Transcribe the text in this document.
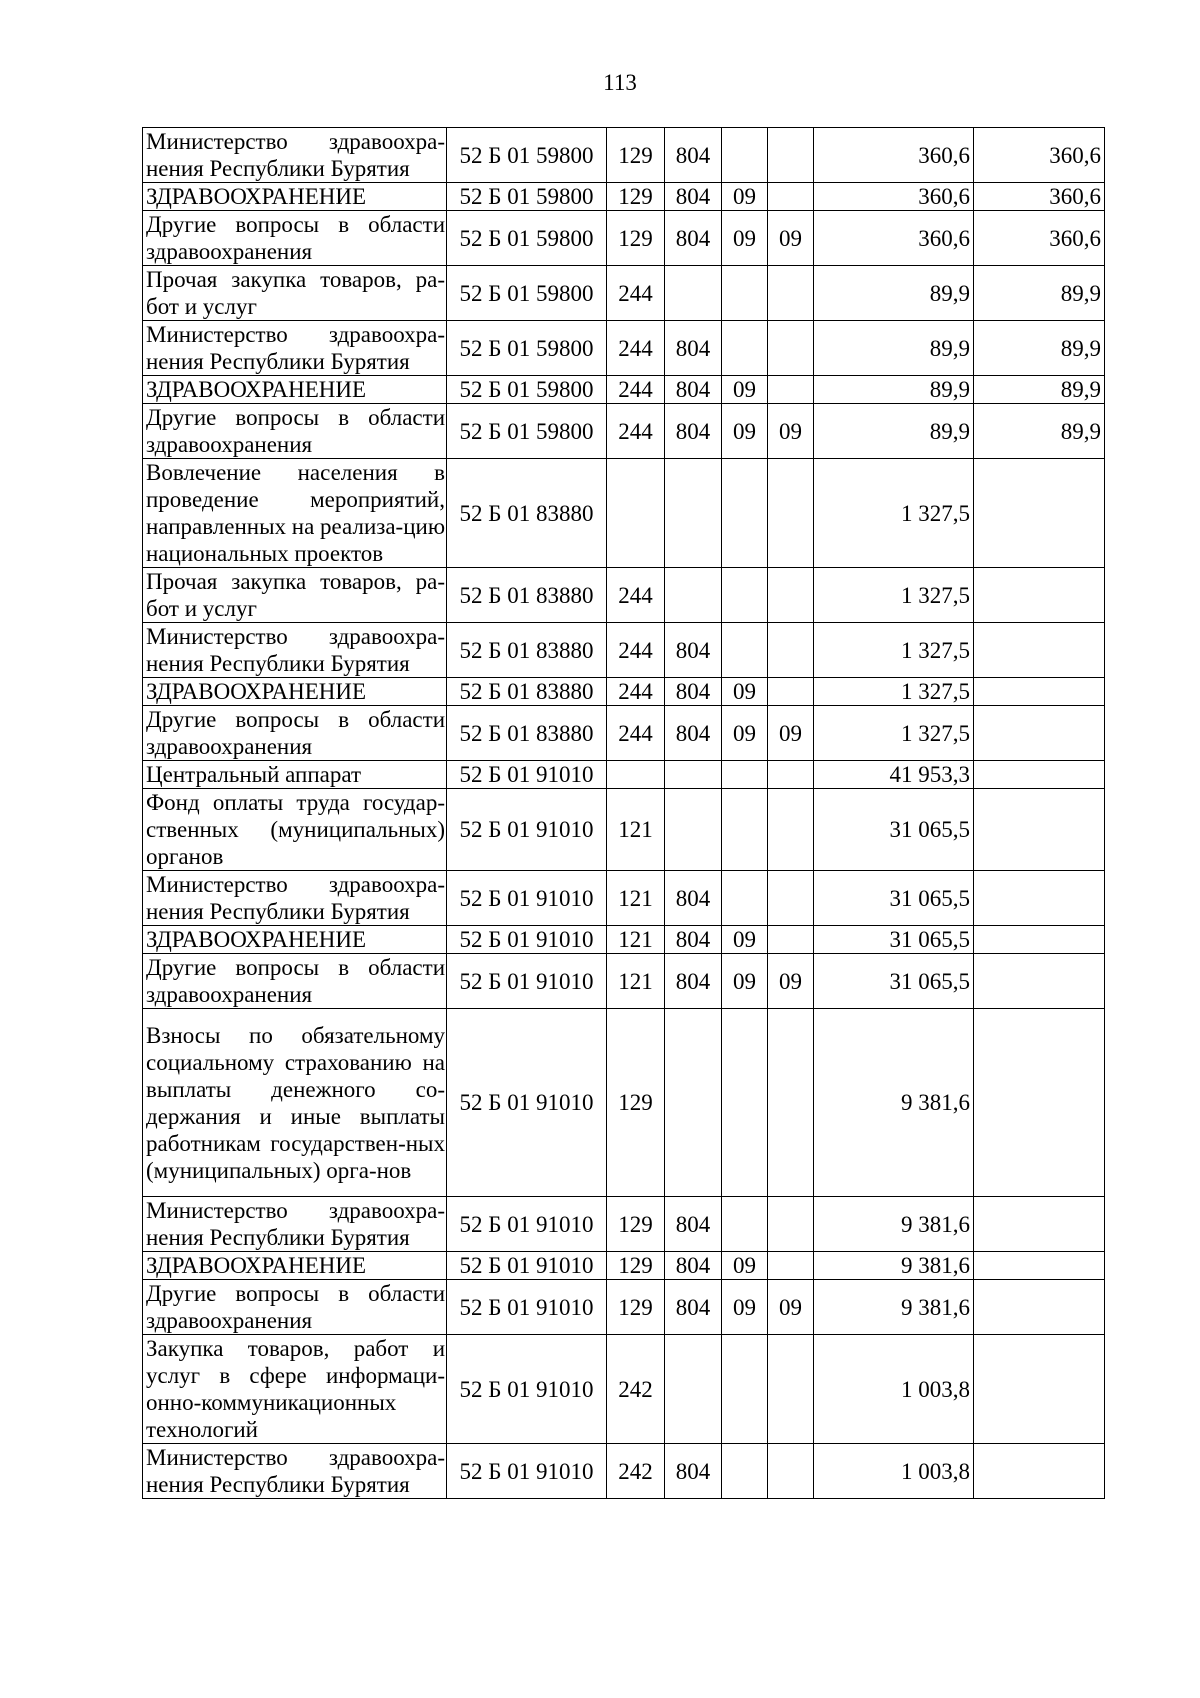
113
Министерство здравоохра-нения Республики Бурятия	52 Б 01 59800	129	804			360,6	360,6
ЗДРАВООХРАНЕНИЕ	52 Б 01 59800	129	804	09		360,6	360,6
Другие вопросы в области здравоохранения	52 Б 01 59800	129	804	09	09	360,6	360,6
Прочая закупка товаров, ра-бот и услуг	52 Б 01 59800	244				89,9	89,9
Министерство здравоохра-нения Республики Бурятия	52 Б 01 59800	244	804			89,9	89,9
ЗДРАВООХРАНЕНИЕ	52 Б 01 59800	244	804	09		89,9	89,9
Другие вопросы в области здравоохранения	52 Б 01 59800	244	804	09	09	89,9	89,9
Вовлечение населения в проведение мероприятий, направленных на реализа-цию национальных проектов	52 Б 01 83880					1 327,5	
Прочая закупка товаров, ра-бот и услуг	52 Б 01 83880	244				1 327,5	
Министерство здравоохра-нения Республики Бурятия	52 Б 01 83880	244	804			1 327,5	
ЗДРАВООХРАНЕНИЕ	52 Б 01 83880	244	804	09		1 327,5	
Другие вопросы в области здравоохранения	52 Б 01 83880	244	804	09	09	1 327,5	
Центральный аппарат	52 Б 01 91010					41 953,3	
Фонд оплаты труда государ-ственных (муниципальных) органов	52 Б 01 91010	121				31 065,5	
Министерство здравоохра-нения Республики Бурятия	52 Б 01 91010	121	804			31 065,5	
ЗДРАВООХРАНЕНИЕ	52 Б 01 91010	121	804	09		31 065,5	
Другие вопросы в области здравоохранения	52 Б 01 91010	121	804	09	09	31 065,5	
Взносы по обязательному социальному страхованию на выплаты денежного со-держания и иные выплаты работникам государствен-ных (муниципальных) орга-нов	52 Б 01 91010	129				9 381,6	
Министерство здравоохра-нения Республики Бурятия	52 Б 01 91010	129	804			9 381,6	
ЗДРАВООХРАНЕНИЕ	52 Б 01 91010	129	804	09		9 381,6	
Другие вопросы в области здравоохранения	52 Б 01 91010	129	804	09	09	9 381,6	
Закупка товаров, работ и услуг в сфере информаци-онно-коммуникационных технологий	52 Б 01 91010	242				1 003,8	
Министерство здравоохра-нения Республики Бурятия	52 Б 01 91010	242	804			1 003,8	
